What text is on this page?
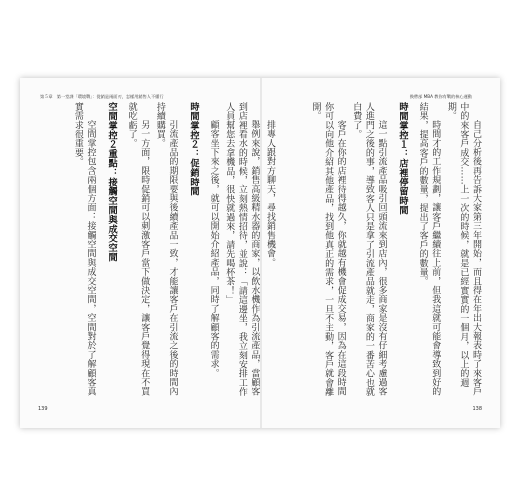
第５章　第一堂課「環境戰」：從銷是兩面刃，怎樣用銷售人不懂行	換帶部 MBA 教你有戰的核心運動

自己分析後再告訴大家第三年開始，而且得在年出大報表時了來客戶中的來客戶成交……上一次的時候，就是已經實實的一個月，以上的週期。

時間才的工作規劃，讓客戶繼續往上前，但我這就可能會導致到好的結果，提高客戶的數量，提出了客戶的數量。

時間掌控１：店裡停留時間

這一點引流產品吸引回頭流來到店內，很多商家是沒有仔細考慮過客人進門之後的事，導致客人只是拿了引流產品就走，商家的一番苦心也就白費了。

客戶在你的店裡待得越久，你就越有機會促成交易，因為在這段時間你可以向他介紹其他產品，找到他真正的需求，一旦不主動，客戶就會離開。

排專人跟對方聊天，尋找銷售機會。

舉例來說，銷售高級精水器的商家，以飲水機作為引流產品，當顧客到店裡看水的時候，立刻熱情招待，並說：「請這邊坐，我立刻安排工作人員幫您去拿機品，很快就過來，請先喝杯茶！」

顧客坐下來之後，就可以開始介紹產品，同時了解顧客的需求。

時間掌控２：促銷時間

引流產品的期限要與後續產品一致，才能讓客戶在引流之後的時間內持續購買。

另一方面，限時促銷可以刺激客戶當下做決定，讓客戶覺得現在不買就吃虧了。

空間掌控２重點：接觸空間與成交空間

空間掌控包含兩個方面：接觸空間與成交空間，空間對於了解顧客真實需求很重要。

139	138
